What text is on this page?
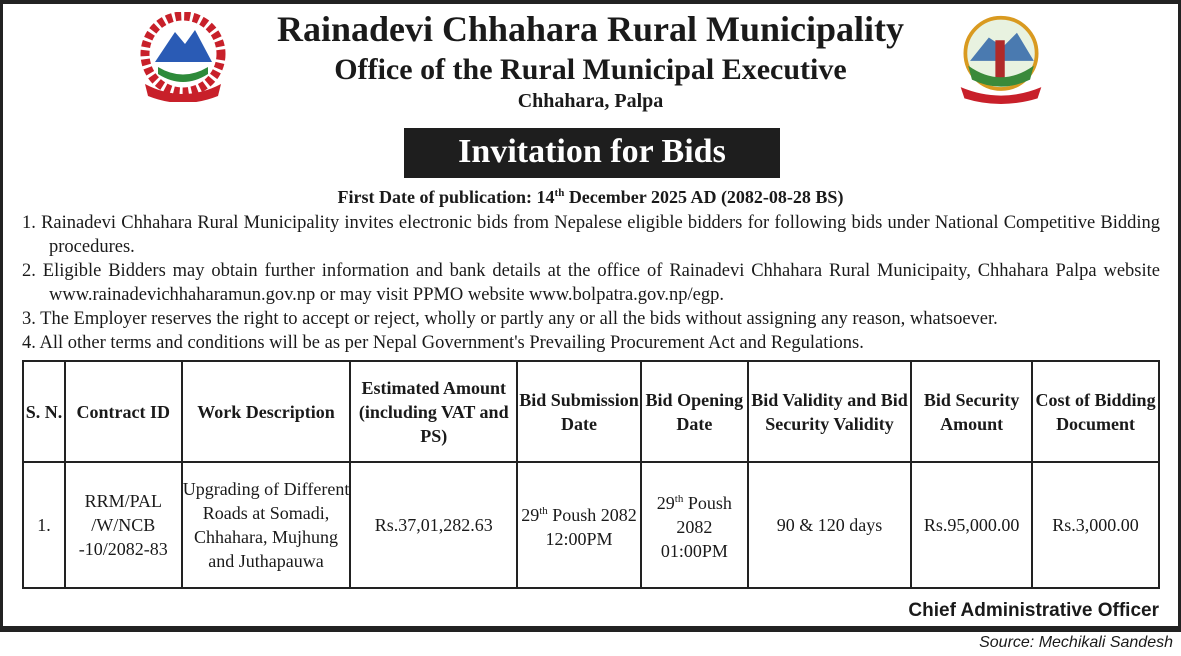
Rainadevi Chhahara Rural Municipality
Office of the Rural Municipal Executive
Chhahara, Palpa
Invitation for Bids
First Date of publication: 14th December 2025 AD (2082-08-28 BS)
1. Rainadevi Chhahara Rural Municipality invites electronic bids from Nepalese eligible bidders for following bids under National Competitive Bidding procedures.
2. Eligible Bidders may obtain further information and bank details at the office of Rainadevi Chhahara Rural Municipaity, Chhahara Palpa website www.rainadevichhaharamun.gov.np or may visit PPMO website www.bolpatra.gov.np/egp.
3. The Employer reserves the right to accept or reject, wholly or partly any or all the bids without assigning any reason, whatsoever.
4. All other terms and conditions will be as per Nepal Government's Prevailing Procurement Act and Regulations.
S. N.	Contract ID	Work Description	Estimated Amount (including VAT and PS)	Bid Submission Date	Bid Opening Date	Bid Validity and Bid Security Validity	Bid Security Amount	Cost of Bidding Document
1.	RRM/PAL /W/NCB -10/2082-83	Upgrading of Different Roads at Somadi, Chhahara, Mujhung and Juthapauwa	Rs.37,01,282.63	29th Poush 2082 12:00PM	29th Poush 2082 01:00PM	90 & 120 days	Rs.95,000.00	Rs.3,000.00
Chief Administrative Officer
Source: Mechikali Sandesh
